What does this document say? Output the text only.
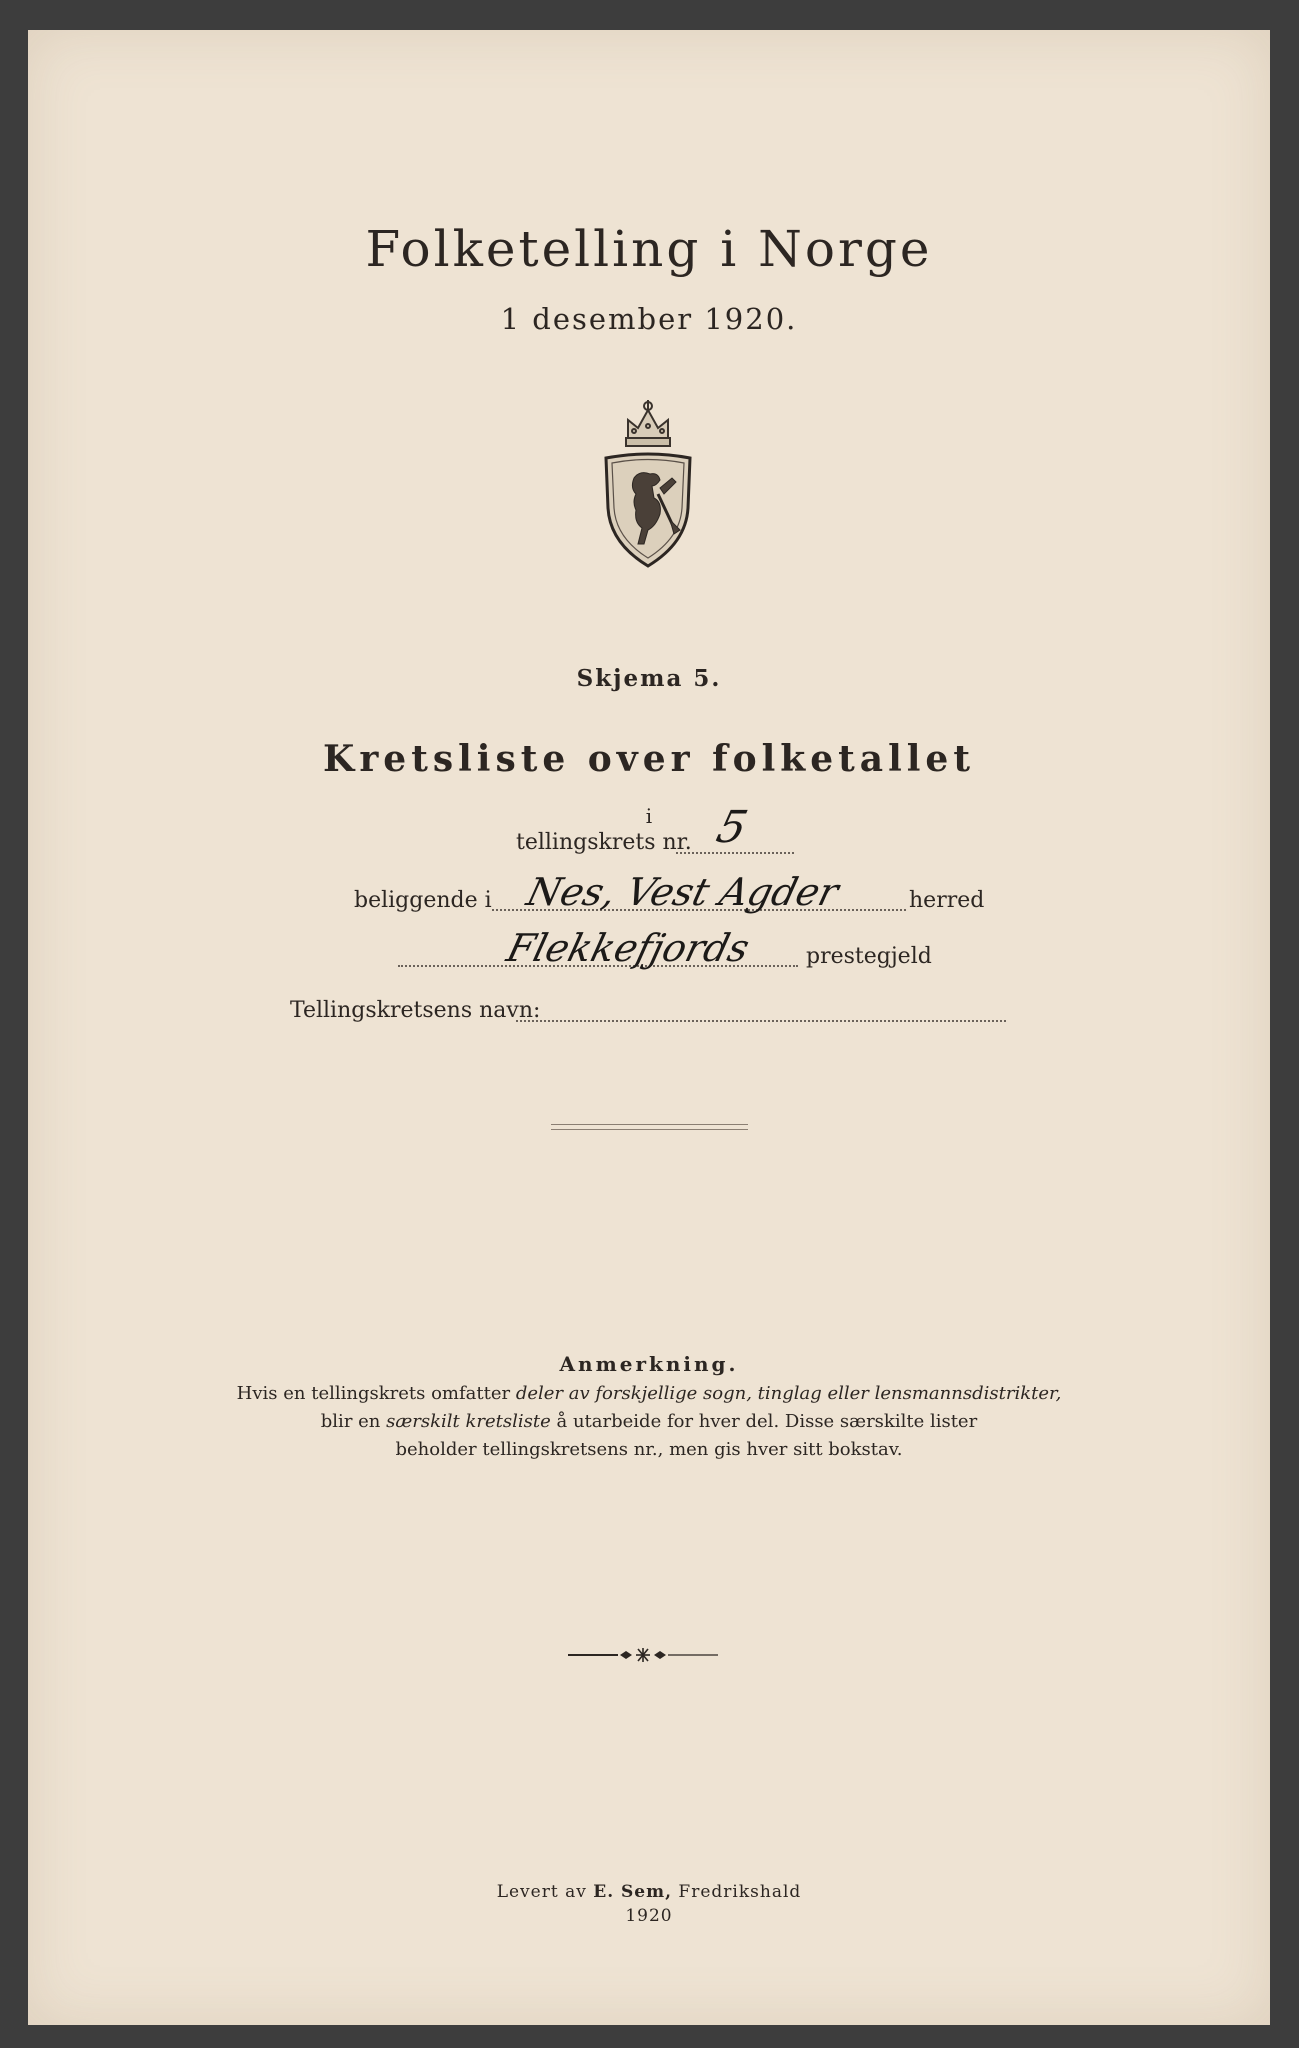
Folketelling i Norge
1 desember 1920.
Skjema 5.
Kretsliste over folketallet
i
tellingskrets nr. 5
beliggende i Nes, Vest Agder	herred
Flekkefjords prestegjeld
Tellingskretsens navn:
Anmerkning.
Hvis en tellingskrets omfatter deler av forskjellige sogn, tinglag eller lensmannsdistrikter,
blir en særskilt kretsliste å utarbeide for hver del. Disse særskilte lister
beholder tellingskretsens nr., men gis hver sitt bokstav.
Levert av E. Sem, Fredrikshald
1920
